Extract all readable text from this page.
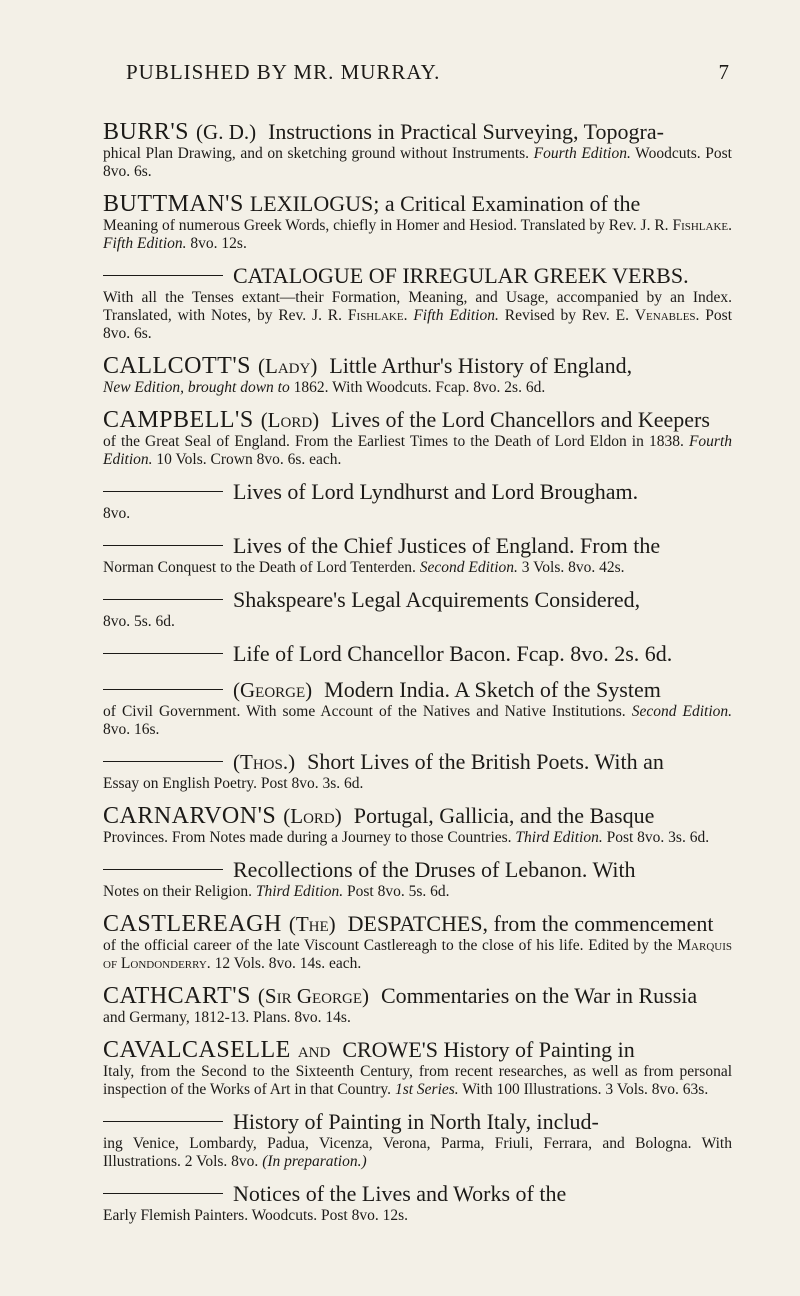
PUBLISHED BY MR. MURRAY.	7
BURR'S (G. D.) Instructions in Practical Surveying, Topogra-
phical Plan Drawing, and on sketching ground without Instruments. Fourth Edition. Woodcuts. Post 8vo. 6s.
BUTTMAN'S LEXILOGUS; a Critical Examination of the
Meaning of numerous Greek Words, chiefly in Homer and Hesiod. Translated by Rev. J. R. Fishlake. Fifth Edition. 8vo. 12s.
CATALOGUE OF IRREGULAR GREEK VERBS.
With all the Tenses extant—their Formation, Meaning, and Usage, accompanied by an Index. Translated, with Notes, by Rev. J. R. Fishlake. Fifth Edition. Revised by Rev. E. Venables. Post 8vo. 6s.
CALLCOTT'S (Lady) Little Arthur's History of England,
New Edition, brought down to 1862. With Woodcuts. Fcap. 8vo. 2s. 6d.
CAMPBELL'S (Lord) Lives of the Lord Chancellors and Keepers
of the Great Seal of England. From the Earliest Times to the Death of Lord Eldon in 1838. Fourth Edition. 10 Vols. Crown 8vo. 6s. each.
Lives of Lord Lyndhurst and Lord Brougham.
8vo.
Lives of the Chief Justices of England. From the
Norman Conquest to the Death of Lord Tenterden. Second Edition. 3 Vols. 8vo. 42s.
Shakspeare's Legal Acquirements Considered,
8vo. 5s. 6d.
Life of Lord Chancellor Bacon. Fcap. 8vo. 2s. 6d.
(George) Modern India. A Sketch of the System
of Civil Government. With some Account of the Natives and Native Institutions. Second Edition. 8vo. 16s.
(Thos.) Short Lives of the British Poets. With an
Essay on English Poetry. Post 8vo. 3s. 6d.
CARNARVON'S (Lord) Portugal, Gallicia, and the Basque
Provinces. From Notes made during a Journey to those Countries. Third Edition. Post 8vo. 3s. 6d.
Recollections of the Druses of Lebanon. With
Notes on their Religion. Third Edition. Post 8vo. 5s. 6d.
CASTLEREAGH (The) DESPATCHES, from the commencement
of the official career of the late Viscount Castlereagh to the close of his life. Edited by the Marquis of Londonderry. 12 Vols. 8vo. 14s. each.
CATHCART'S (Sir George) Commentaries on the War in Russia
and Germany, 1812-13. Plans. 8vo. 14s.
CAVALCASELLE and CROWE'S History of Painting in
Italy, from the Second to the Sixteenth Century, from recent researches, as well as from personal inspection of the Works of Art in that Country. 1st Series. With 100 Illustrations. 3 Vols. 8vo. 63s.
History of Painting in North Italy, includ-
ing Venice, Lombardy, Padua, Vicenza, Verona, Parma, Friuli, Ferrara, and Bologna. With Illustrations. 2 Vols. 8vo. (In preparation.)
Notices of the Lives and Works of the
Early Flemish Painters. Woodcuts. Post 8vo. 12s.
